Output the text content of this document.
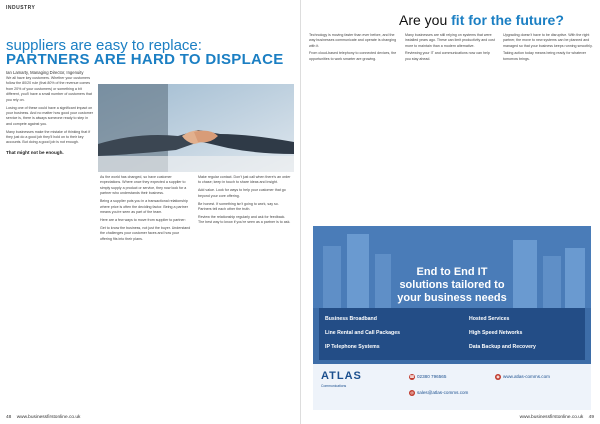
INDUSTRY
suppliers are easy to replace:
PARTNERS ARE HARD TO DISPLACE
Ian Lamarty, Managing Director, Ingenuity

We all have key customers. Whether your customers follow the 80/20 rule (that 80% of the revenue comes from 20% of your customers) or something a bit different, you'll have a small number of customers that you rely on.

Losing one of these could have a significant impact on your business. And no matter how good your customer service is, there is always someone ready to step in and compete against you.

Many businesses make the mistake of thinking that if they just do a good job they'll hold on to their key accounts. But doing a good job is not enough.

That might not be enough.

As the world has changed, so have customer expectations. Where once they expected a supplier to simply supply a product or service, they now look for a partner who understands their business.

Being a supplier puts you in a transactional relationship where price is often the deciding factor. Being a partner means you're seen as part of the team.

Here are a few ways to move from supplier to partner:

Get to know the business, not just the buyer. Understand the challenges your customer faces and how your offering fits into their plans.

Make regular contact. Don't just call when there's an order to chase; keep in touch to share ideas and insight.

Add value. Look for ways to help your customer that go beyond your core offering.

Be honest. If something isn't going to work, say so. Partners tell each other the truth.

Review the relationship regularly and ask for feedback. The best way to know if you're seen as a partner is to ask.

48 www.businessfirstonline.co.uk
Are you fit for the future?

Technology is moving faster than ever before, and the way businesses communicate and operate is changing with it.

From cloud-based telephony to connected devices, the opportunities to work smarter are growing.

Many businesses are still relying on systems that were installed years ago. These can limit productivity and cost more to maintain than a modern alternative.

Reviewing your IT and communications now can help you stay ahead.

Upgrading doesn't have to be disruptive. With the right partner, the move to new systems can be planned and managed so that your business keeps running smoothly.

Taking action today means being ready for whatever tomorrow brings.

End to End IT
solutions tailored to
your business needs
Business Broadband
Line Rental and Call Packages
IP Telephone Systems
Hosted Services
High Speed Networks
Data Backup and Recovery
ATLAS
Communications
☎ 02380 796565
@ sales@atlas-comms.com
◉ www.atlas-comms.com
www.businessfirstonline.co.uk 49
